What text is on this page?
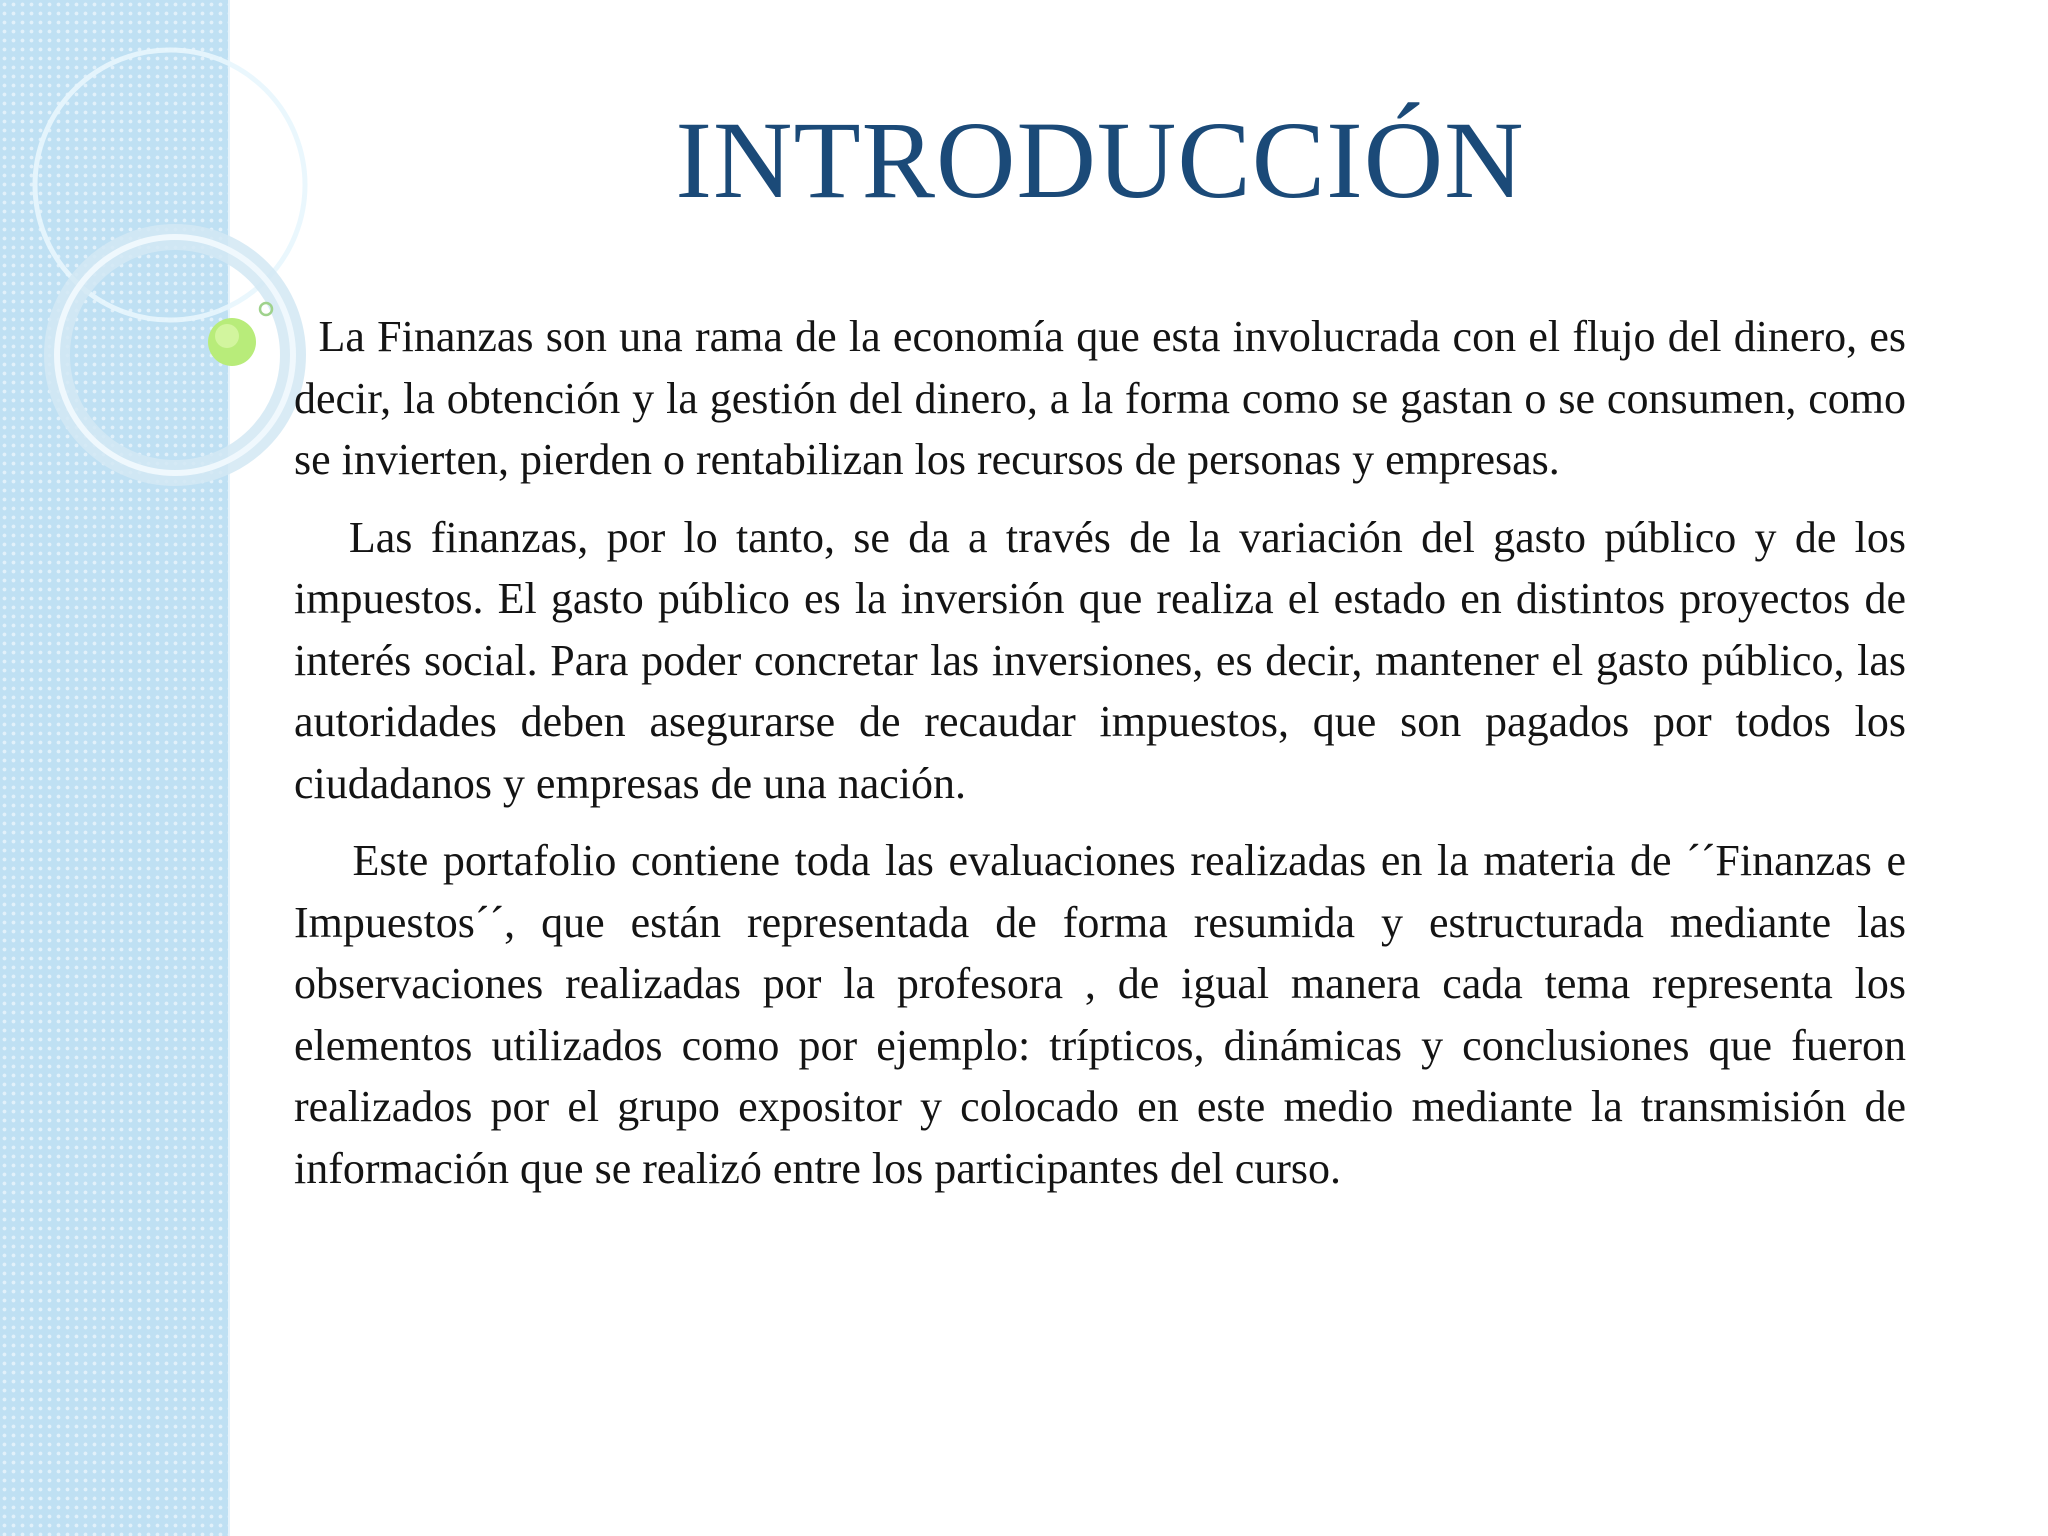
INTRODUCCIÓN

La Finanzas son una rama de la economía que esta involucrada con el flujo del dinero, es decir, la obtención y la gestión del dinero, a la forma como se gastan o se consumen, como se invierten, pierden o rentabilizan los recursos de personas y empresas.

Las finanzas, por lo tanto, se da a través de la variación del gasto público y de los impuestos. El gasto público es la inversión que realiza el estado en distintos proyectos de interés social. Para poder concretar las inversiones, es decir, mantener el gasto público, las autoridades deben asegurarse de recaudar impuestos, que son pagados por todos los ciudadanos y empresas de una nación.

Este portafolio contiene toda las evaluaciones realizadas en la materia de ´´Finanzas e Impuestos´´, que están representada de forma resumida y estructurada mediante las observaciones realizadas por la profesora , de igual manera cada tema representa los elementos utilizados como por ejemplo: trípticos, dinámicas y conclusiones que fueron realizados por el grupo expositor y colocado en este medio mediante la transmisión de información que se realizó entre los participantes del curso.
